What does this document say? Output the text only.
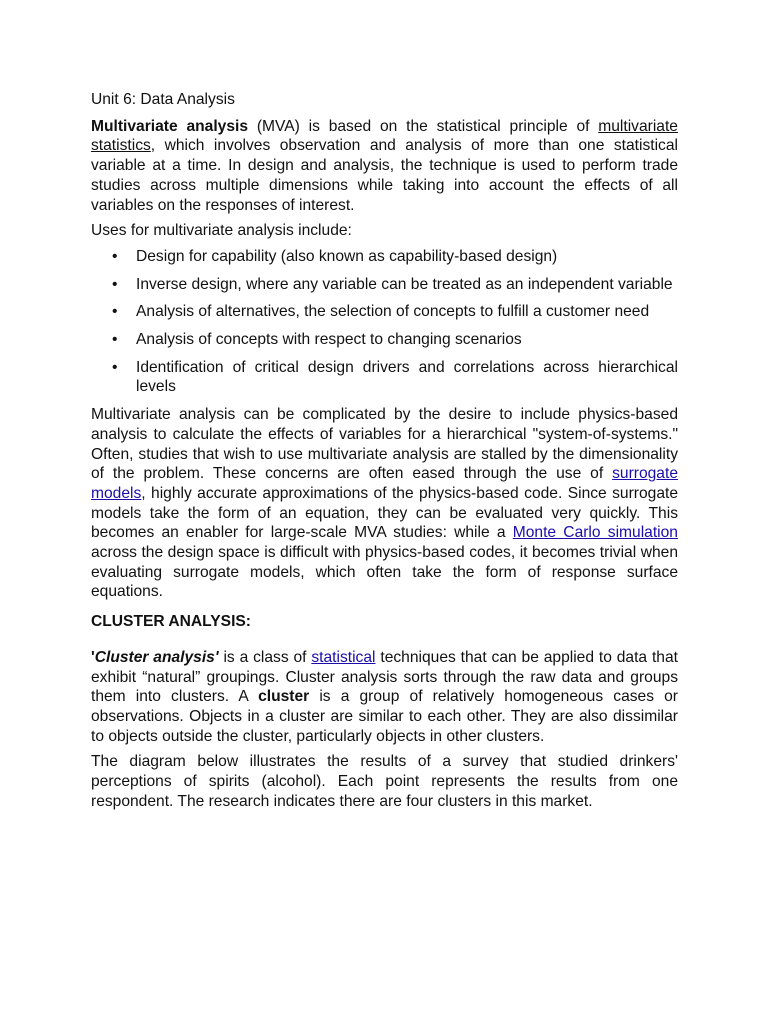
Unit 6: Data Analysis

Multivariate analysis (MVA) is based on the statistical principle of multivariate statistics, which involves observation and analysis of more than one statistical variable at a time. In design and analysis, the technique is used to perform trade studies across multiple dimensions while taking into account the effects of all variables on the responses of interest.

Uses for multivariate analysis include:

• Design for capability (also known as capability-based design)
• Inverse design, where any variable can be treated as an independent variable
• Analysis of alternatives, the selection of concepts to fulfill a customer need
• Analysis of concepts with respect to changing scenarios
• Identification of critical design drivers and correlations across hierarchical levels

Multivariate analysis can be complicated by the desire to include physics-based analysis to calculate the effects of variables for a hierarchical "system-of-systems." Often, studies that wish to use multivariate analysis are stalled by the dimensionality of the problem. These concerns are often eased through the use of surrogate models, highly accurate approximations of the physics-based code. Since surrogate models take the form of an equation, they can be evaluated very quickly. This becomes an enabler for large-scale MVA studies: while a Monte Carlo simulation across the design space is difficult with physics-based codes, it becomes trivial when evaluating surrogate models, which often take the form of response surface equations.

CLUSTER ANALYSIS:

'Cluster analysis' is a class of statistical techniques that can be applied to data that exhibit “natural” groupings. Cluster analysis sorts through the raw data and groups them into clusters. A cluster is a group of relatively homogeneous cases or observations. Objects in a cluster are similar to each other. They are also dissimilar to objects outside the cluster, particularly objects in other clusters.

The diagram below illustrates the results of a survey that studied drinkers' perceptions of spirits (alcohol). Each point represents the results from one respondent. The research indicates there are four clusters in this market.
